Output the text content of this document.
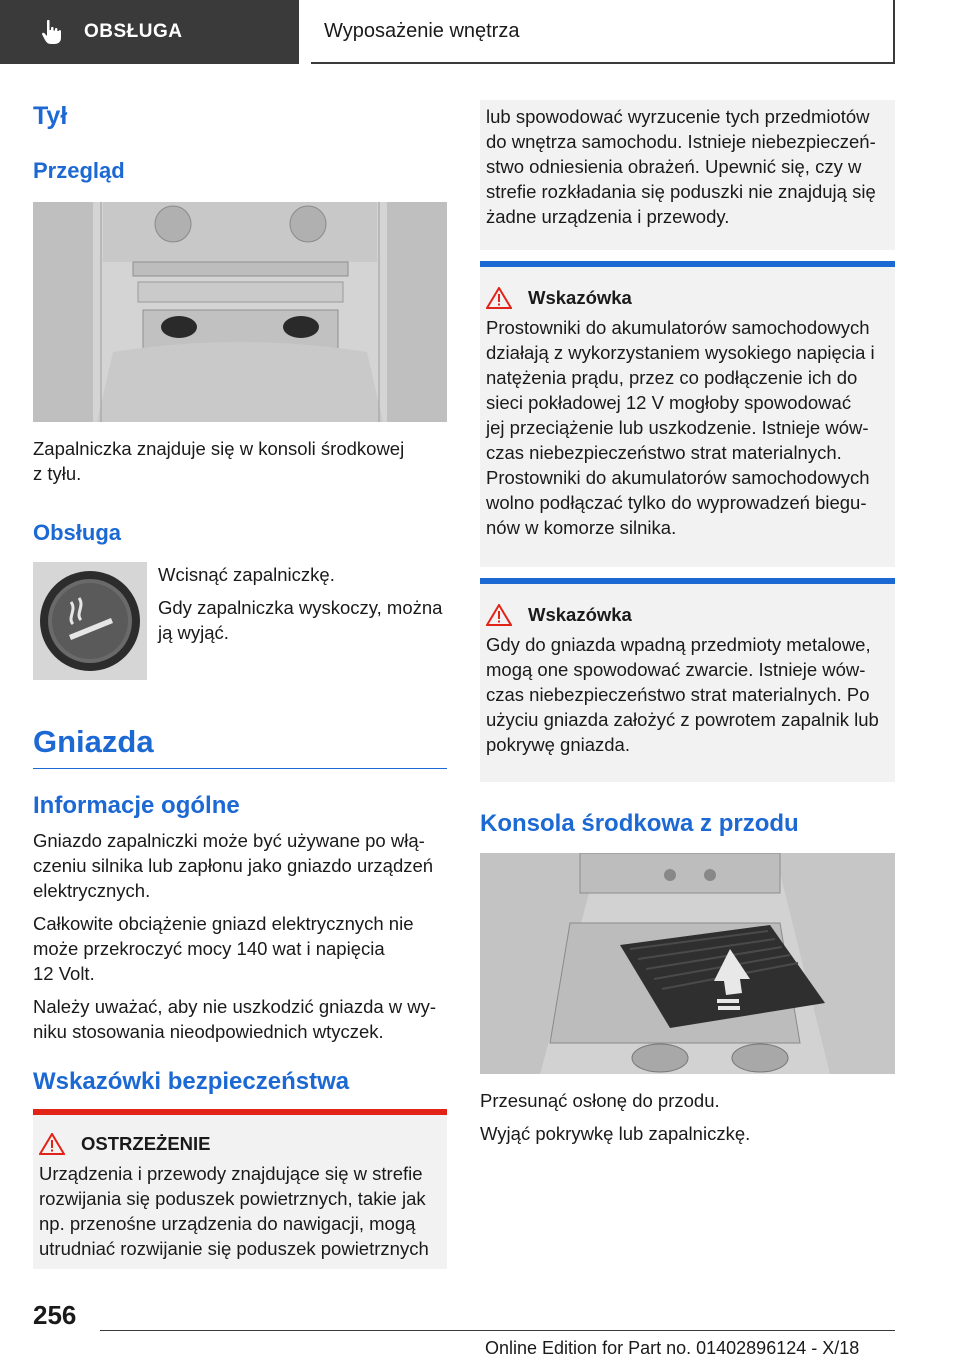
OBSŁUGA	Wyposażenie wnętrza
Tył
Przegląd

Zapalniczka znajduje się w konsoli środkowej
z tyłu.

Obsługa

Wcisnąć zapalniczkę.

Gdy zapalniczka wyskoczy, można
ją wyjąć.

Gniazda
Informacje ogólne

Gniazdo zapalniczki może być używane po włą‐
czeniu silnika lub zapłonu jako gniazdo urządzeń
elektrycznych.

Całkowite obciążenie gniazd elektrycznych nie
może przekroczyć mocy 140 wat i napięcia
12 Volt.

Należy uważać, aby nie uszkodzić gniazda w wy‐
niku stosowania nieodpowiednich wtyczek.

Wskazówki bezpieczeństwa
OSTRZEŻENIE

Urządzenia i przewody znajdujące się w strefie
rozwijania się poduszek powietrznych, takie jak
np. przenośne urządzenia do nawigacji, mogą
utrudniać rozwijanie się poduszek powietrznych

lub spowodować wyrzucenie tych przedmiotów
do wnętrza samochodu. Istnieje niebezpieczeń‐
stwo odniesienia obrażeń. Upewnić się, czy w
strefie rozkładania się poduszki nie znajdują się
żadne urządzenia i przewody.

Wskazówka

Prostowniki do akumulatorów samochodowych
działają z wykorzystaniem wysokiego napięcia i
natężenia prądu, przez co podłączenie ich do
sieci pokładowej 12 V mogłoby spowodować
jej przeciążenie lub uszkodzenie. Istnieje wów‐
czas niebezpieczeństwo strat materialnych.
Prostowniki do akumulatorów samochodowych
wolno podłączać tylko do wyprowadzeń biegu‐
nów w komorze silnika.

Wskazówka

Gdy do gniazda wpadną przedmioty metalowe,
mogą one spowodować zwarcie. Istnieje wów‐
czas niebezpieczeństwo strat materialnych. Po
użyciu gniazda założyć z powrotem zapalnik lub
pokrywę gniazda.

Konsola środkowa z przodu

Przesunąć osłonę do przodu.

Wyjąć pokrywkę lub zapalniczkę.

256
Online Edition for Part no. 01402896124 - X/18
